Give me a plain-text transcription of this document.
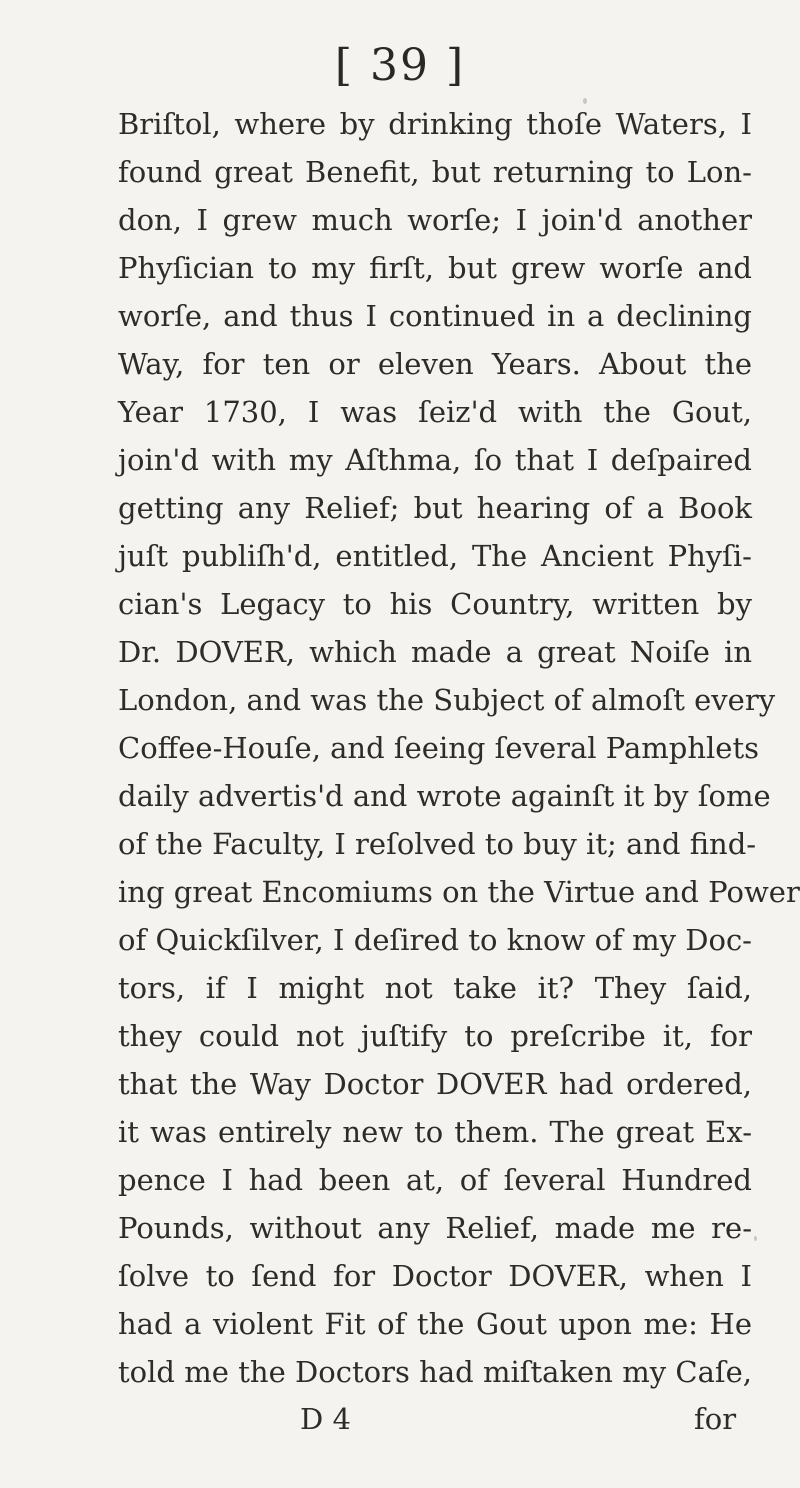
[ 39 ]
Briſtol, where by drinking thoſe Waters, I
found great Benefit, but returning to Lon-
don, I grew much worſe; I join'd another
Phyſician to my firſt, but grew worſe and
worſe, and thus I continued in a declining
Way, for ten or eleven Years. About the
Year 1730, I was ſeiz'd with the Gout,
join'd with my Aſthma, ſo that I deſpaired
getting any Relief; but hearing of a Book
juſt publiſh'd, entitled, The Ancient Phyſi-
cian's Legacy to his Country, written by
Dr. DOVER, which made a great Noiſe in
London, and was the Subject of almoſt every
Coffee-Houſe, and ſeeing ſeveral Pamphlets
daily advertis'd and wrote againſt it by ſome
of the Faculty, I reſolved to buy it; and find-
ing great Encomiums on the Virtue and Power
of Quickſilver, I deſired to know of my Doc-
tors, if I might not take it? They ſaid,
they could not juſtify to preſcribe it, for
that the Way Doctor DOVER had ordered,
it was entirely new to them. The great Ex-
pence I had been at, of ſeveral Hundred
Pounds, without any Relief, made me re-
ſolve to ſend for Doctor DOVER, when I
had a violent Fit of the Gout upon me: He
told me the Doctors had miſtaken my Caſe,
D 4	for
